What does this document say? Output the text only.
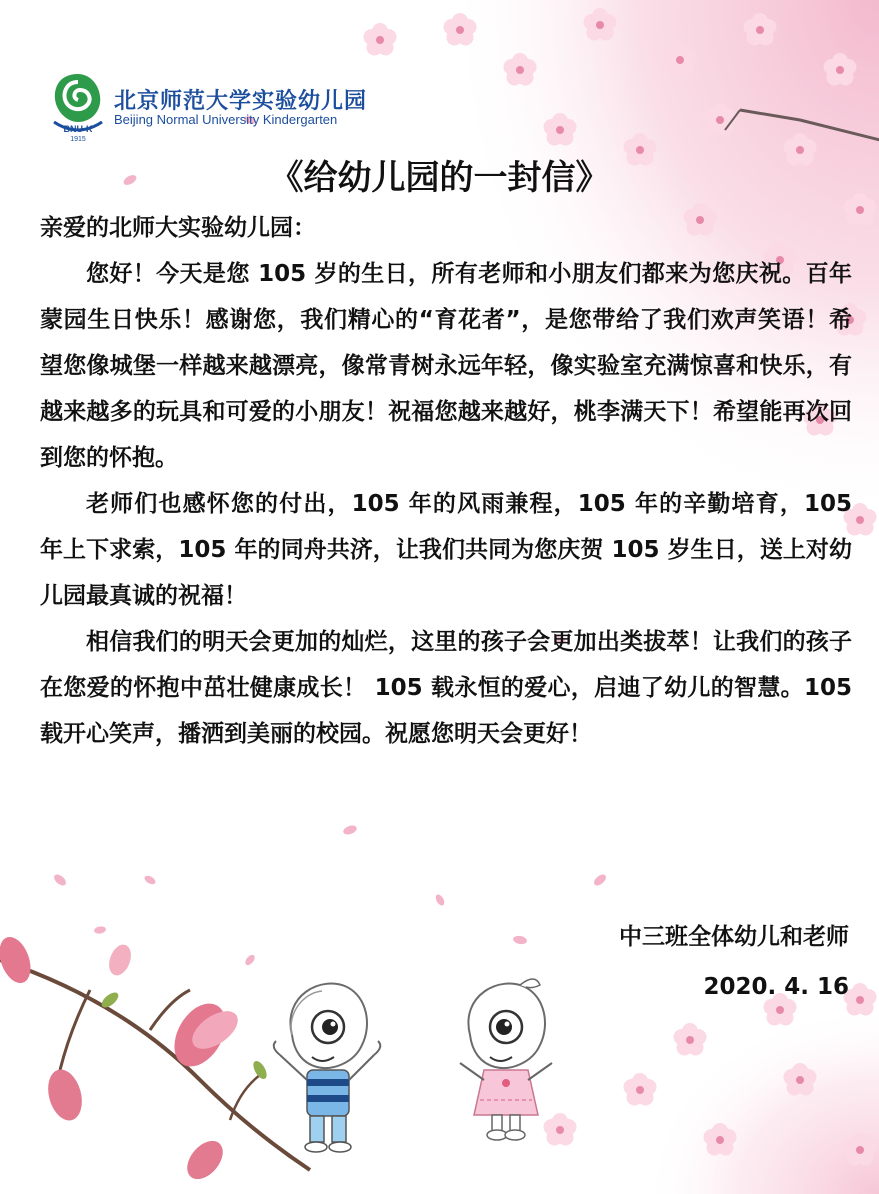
BNU-K
1915
北京师范大学实验幼儿园
Beijing Normal University Kindergarten
《给幼儿园的一封信》

亲爱的北师大实验幼儿园：

您好！今天是您 105 岁的生日，所有老师和小朋友们都来为您庆祝。百年蒙园生日快乐！感谢您，我们精心的“育花者”，是您带给了我们欢声笑语！希望您像城堡一样越来越漂亮，像常青树永远年轻，像实验室充满惊喜和快乐，有越来越多的玩具和可爱的小朋友！祝福您越来越好，桃李满天下！希望能再次回到您的怀抱。

老师们也感怀您的付出，105 年的风雨兼程，105 年的辛勤培育，105 年上下求索，105 年的同舟共济，让我们共同为您庆贺 105 岁生日，送上对幼儿园最真诚的祝福！

相信我们的明天会更加的灿烂，这里的孩子会更加出类拔萃！让我们的孩子在您爱的怀抱中茁壮健康成长！ 105 载永恒的爱心，启迪了幼儿的智慧。105 载开心笑声，播洒到美丽的校园。祝愿您明天会更好！

中三班全体幼儿和老师
2020. 4. 16
